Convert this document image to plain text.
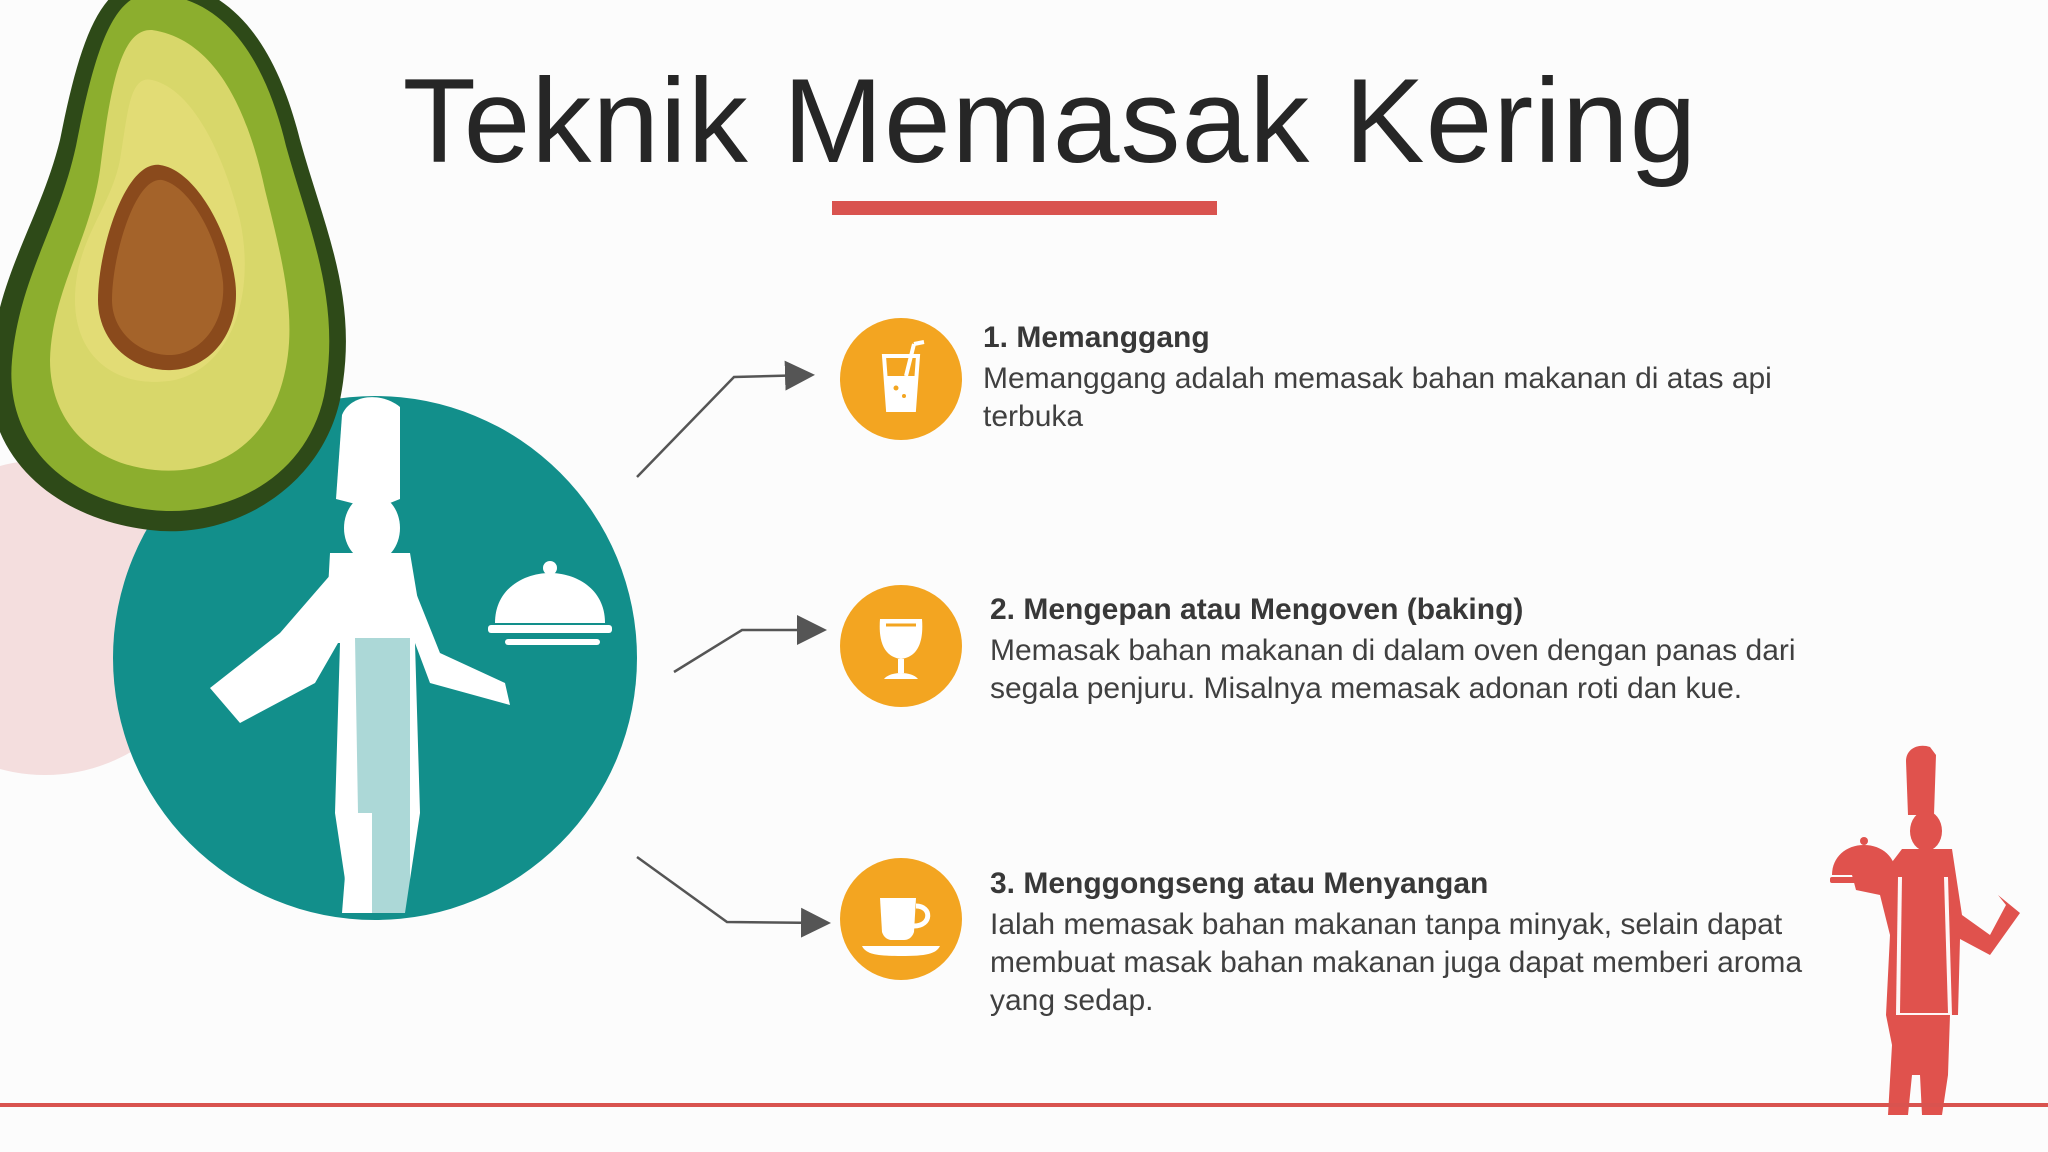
Teknik Memasak Kering
1. Memanggang
Memanggang adalah memasak bahan makanan di atas api terbuka
2. Mengepan atau Mengoven (baking)
Memasak bahan makanan di dalam oven dengan panas dari segala penjuru. Misalnya memasak adonan roti dan kue.
3. Menggongseng atau Menyangan
Ialah memasak bahan makanan tanpa minyak, selain dapat membuat masak bahan makanan juga dapat memberi aroma yang sedap.
